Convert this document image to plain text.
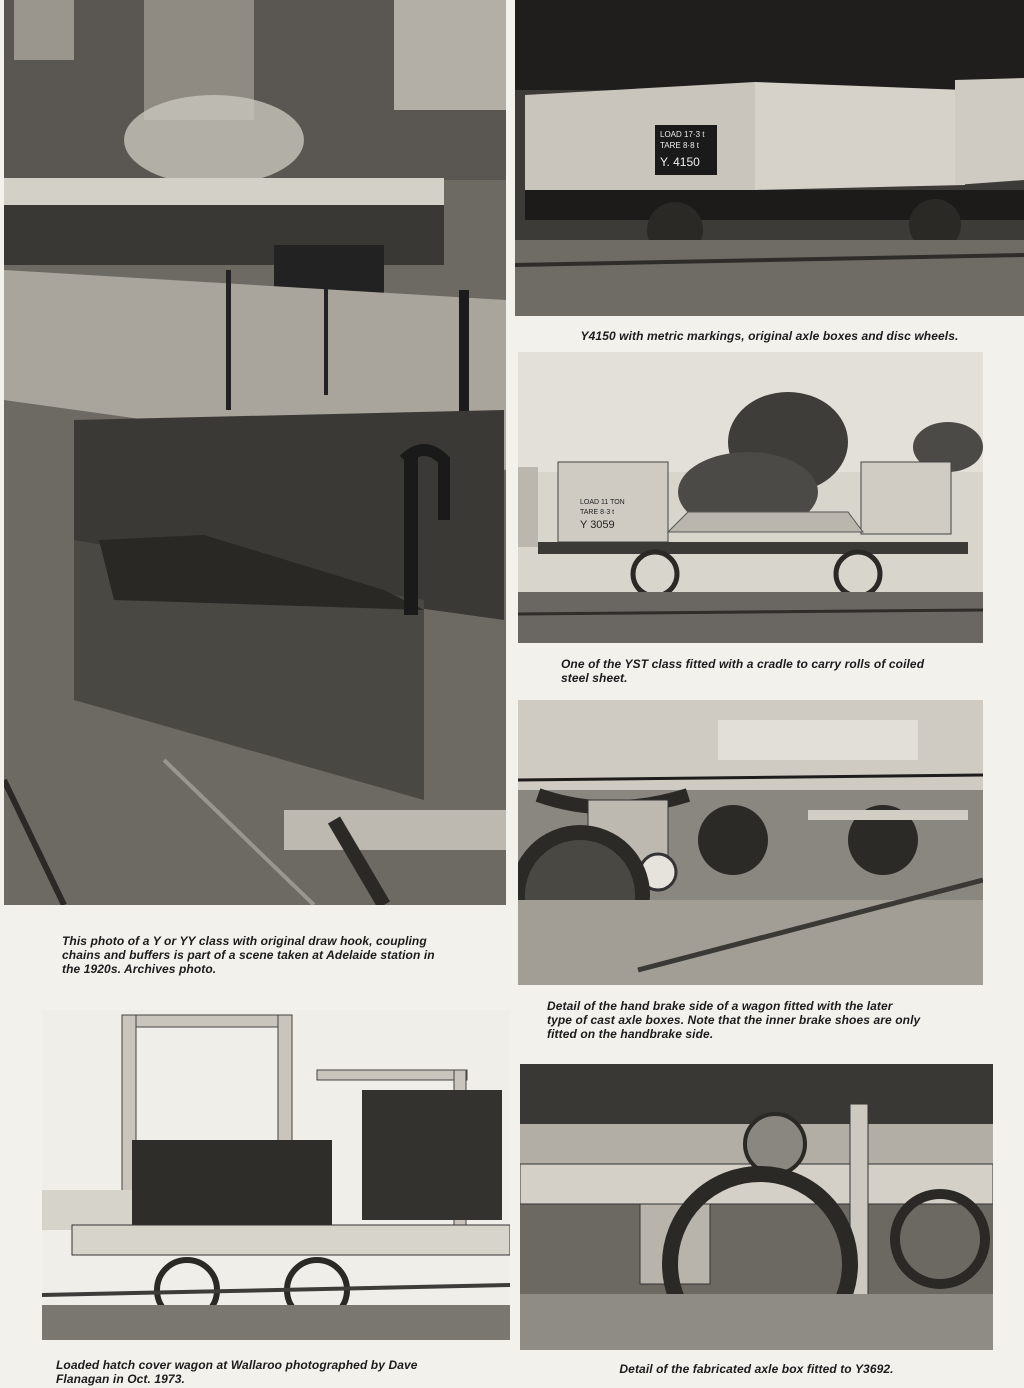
This photo of a Y or YY class with original draw hook, coupling
chains and buffers is part of a scene taken at Adelaide station in
the 1920s. Archives photo.

LOAD 17·3 t
TARE 8·8 t
Y. 4150

Y4150 with metric markings, original axle boxes and disc wheels.

LOAD 11 TON
TARE 8·3 t
Y 3059

One of the YST class fitted with a cradle to carry rolls of coiled
steel sheet.

Detail of the hand brake side of a wagon fitted with the later
type of cast axle boxes. Note that the inner brake shoes are only
fitted on the handbrake side.

Loaded hatch cover wagon at Wallaroo photographed by Dave
Flanagan in Oct. 1973.

Detail of the fabricated axle box fitted to Y3692.
